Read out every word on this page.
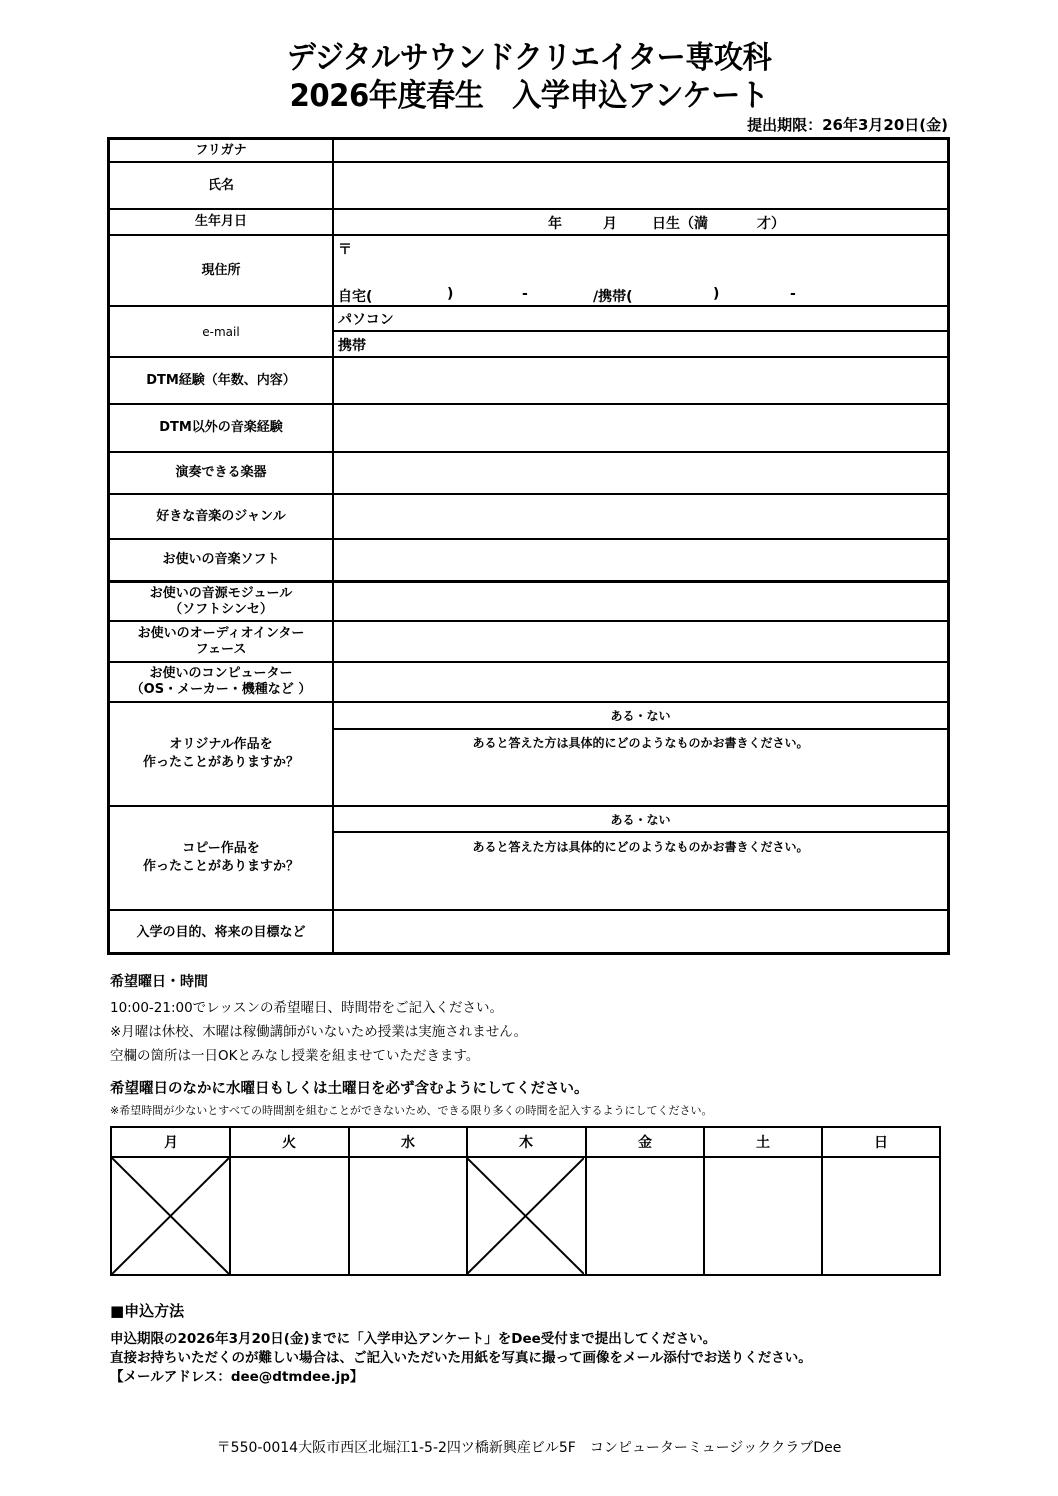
デジタルサウンドクリエイター専攻科
2026年度春生　入学申込アンケート
提出期限：26年3月20日(金)
フリガナ
氏名
生年月日	年	月	日生（満	才）
現住所
〒
自宅(	)	-	/携帯(	)	-
e-mail
パソコン
携帯
DTM経験（年数、内容）
DTM以外の音楽経験
演奏できる楽器
好きな音楽のジャンル
お使いの音楽ソフト
お使いの音源モジュール
（ソフトシンセ）
お使いのオーディオインター
フェース
お使いのコンピューター
（OS・メーカー・機種など ）
オリジナル作品を
作ったことがありますか？
ある・ない
あると答えた方は具体的にどのようなものかお書きください。
コピー作品を
作ったことがありますか？
ある・ない
あると答えた方は具体的にどのようなものかお書きください。
入学の目的、将来の目標など
希望曜日・時間
10:00-21:00でレッスンの希望曜日、時間帯をご記入ください。
※月曜は休校、木曜は稼働講師がいないため授業は実施されません。
空欄の箇所は一日OKとみなし授業を組ませていただきます。
希望曜日のなかに水曜日もしくは土曜日を必ず含むようにしてください。
※希望時間が少ないとすべての時間割を組むことができないため、できる限り多くの時間を記入するようにしてください。
月	火	水	木	金	土	日
■申込方法
申込期限の2026年3月20日(金)までに「入学申込アンケート」をDee受付まで提出してください。
直接お持ちいただくのが難しい場合は、ご記入いただいた用紙を写真に撮って画像をメール添付でお送りください。
【メールアドレス：dee@dtmdee.jp】
〒550-0014大阪市西区北堀江1-5-2四ツ橋新興産ビル5F　コンピューターミュージッククラブDee
